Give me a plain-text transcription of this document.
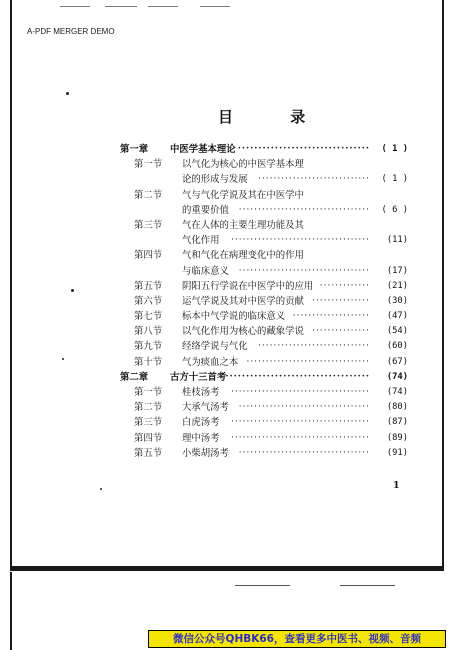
A-PDF MERGER DEMO
目 录
第一章 中医学基本理论 ································	( 1 )
第一节 以气化为核心的中医学基本理
论的形成与发展 ·····························	( 1 )
第二节 气与气化学说及其在中医学中
的重要价值 ··································	( 6 )
第三节 气在人体的主要生理功能及其
气化作用 ····································	(11)
第四节 气和气化在病理变化中的作用
与临床意义 ··································	(17)
第五节 阴阳五行学说在中医学中的应用 ·············	(21)
第六节 运气学说及其对中医学的贡献 ···············	(30)
第七节 标本中气学说的临床意义 ····················	(47)
第八节 以气化作用为核心的藏象学说 ···············	(54)
第九节 经络学说与气化 ·····························	(60)
第十节 气为痰血之本 ································	(67)
第二章 古方十三首考 ···································	(74)
第一节 桂枝汤考 ····································	(74)
第二节 大承气汤考 ··································	(80)
第三节 白虎汤考 ····································	(87)
第四节 理中汤考 ····································	(89)
第五节 小柴胡汤考 ··································	(91)
1
微信公众号QHBK66，查看更多中医书、视频、音频
